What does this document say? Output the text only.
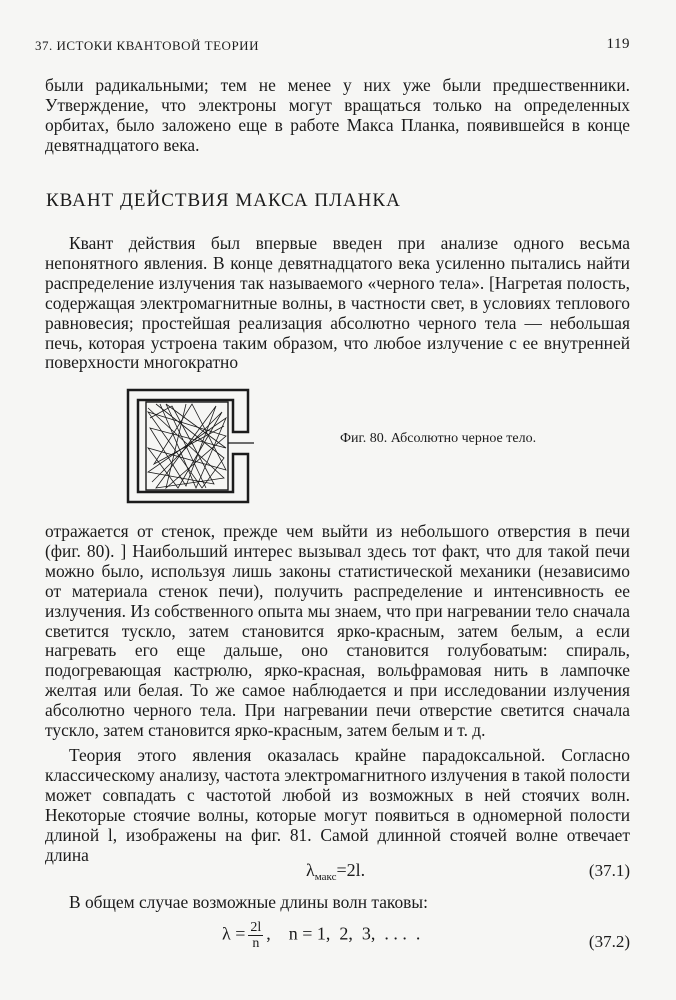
37. ИСТОКИ КВАНТОВОЙ ТЕОРИИ	119
были радикальными; тем не менее у них уже были предшественники. Утверждение, что электроны могут вращаться только на определенных орбитах, было заложено еще в работе Макса Планка, появившейся в конце девятнадцатого века.
КВАНТ ДЕЙСТВИЯ МАКСА ПЛАНКА
Квант действия был впервые введен при анализе одного весьма непонятного явления. В конце девятнадцатого века усиленно пытались найти распределение излучения так называемого «черного тела». [Нагретая полость, содержащая электромагнитные волны, в частности свет, в условиях теплового равновесия; простейшая реализация абсолютно черного тела — небольшая печь, которая устроена таким образом, что любое излучение с ее внутренней поверхности многократно
Фиг. 80. Абсолютно черное тело.
отражается от стенок, прежде чем выйти из небольшого отверстия в печи (фиг. 80). ] Наибольший интерес вызывал здесь тот факт, что для такой печи можно было, используя лишь законы статистической механики (независимо от материала стенок печи), получить распределение и интенсивность ее излучения. Из собственного опыта мы знаем, что при нагревании тело сначала светится тускло, затем становится ярко-красным, затем белым, а если нагревать его еще дальше, оно становится голубоватым: спираль, подогревающая кастрюлю, ярко-красная, вольфрамовая нить в лампочке желтая или белая. То же самое наблюдается и при исследовании излучения абсолютно черного тела. При нагревании печи отверстие светится сначала тускло, затем становится ярко-красным, затем белым и т. д.
Теория этого явления оказалась крайне парадоксальной. Согласно классическому анализу, частота электромагнитного излучения в такой полости может совпадать с частотой любой из возможных в ней стоячих волн. Некоторые стоячие волны, которые могут появиться в одномерной полости длиной l, изображены на фиг. 81. Самой длинной стоячей волне отвечает длина
$\lambda_{макс}=2l$.	(37.1)
В общем случае возможные длины волн таковы:
$\lambda = \frac{2l}{n}$ ,    n = 1,  2,  3,  . . .  .	(37.2)
